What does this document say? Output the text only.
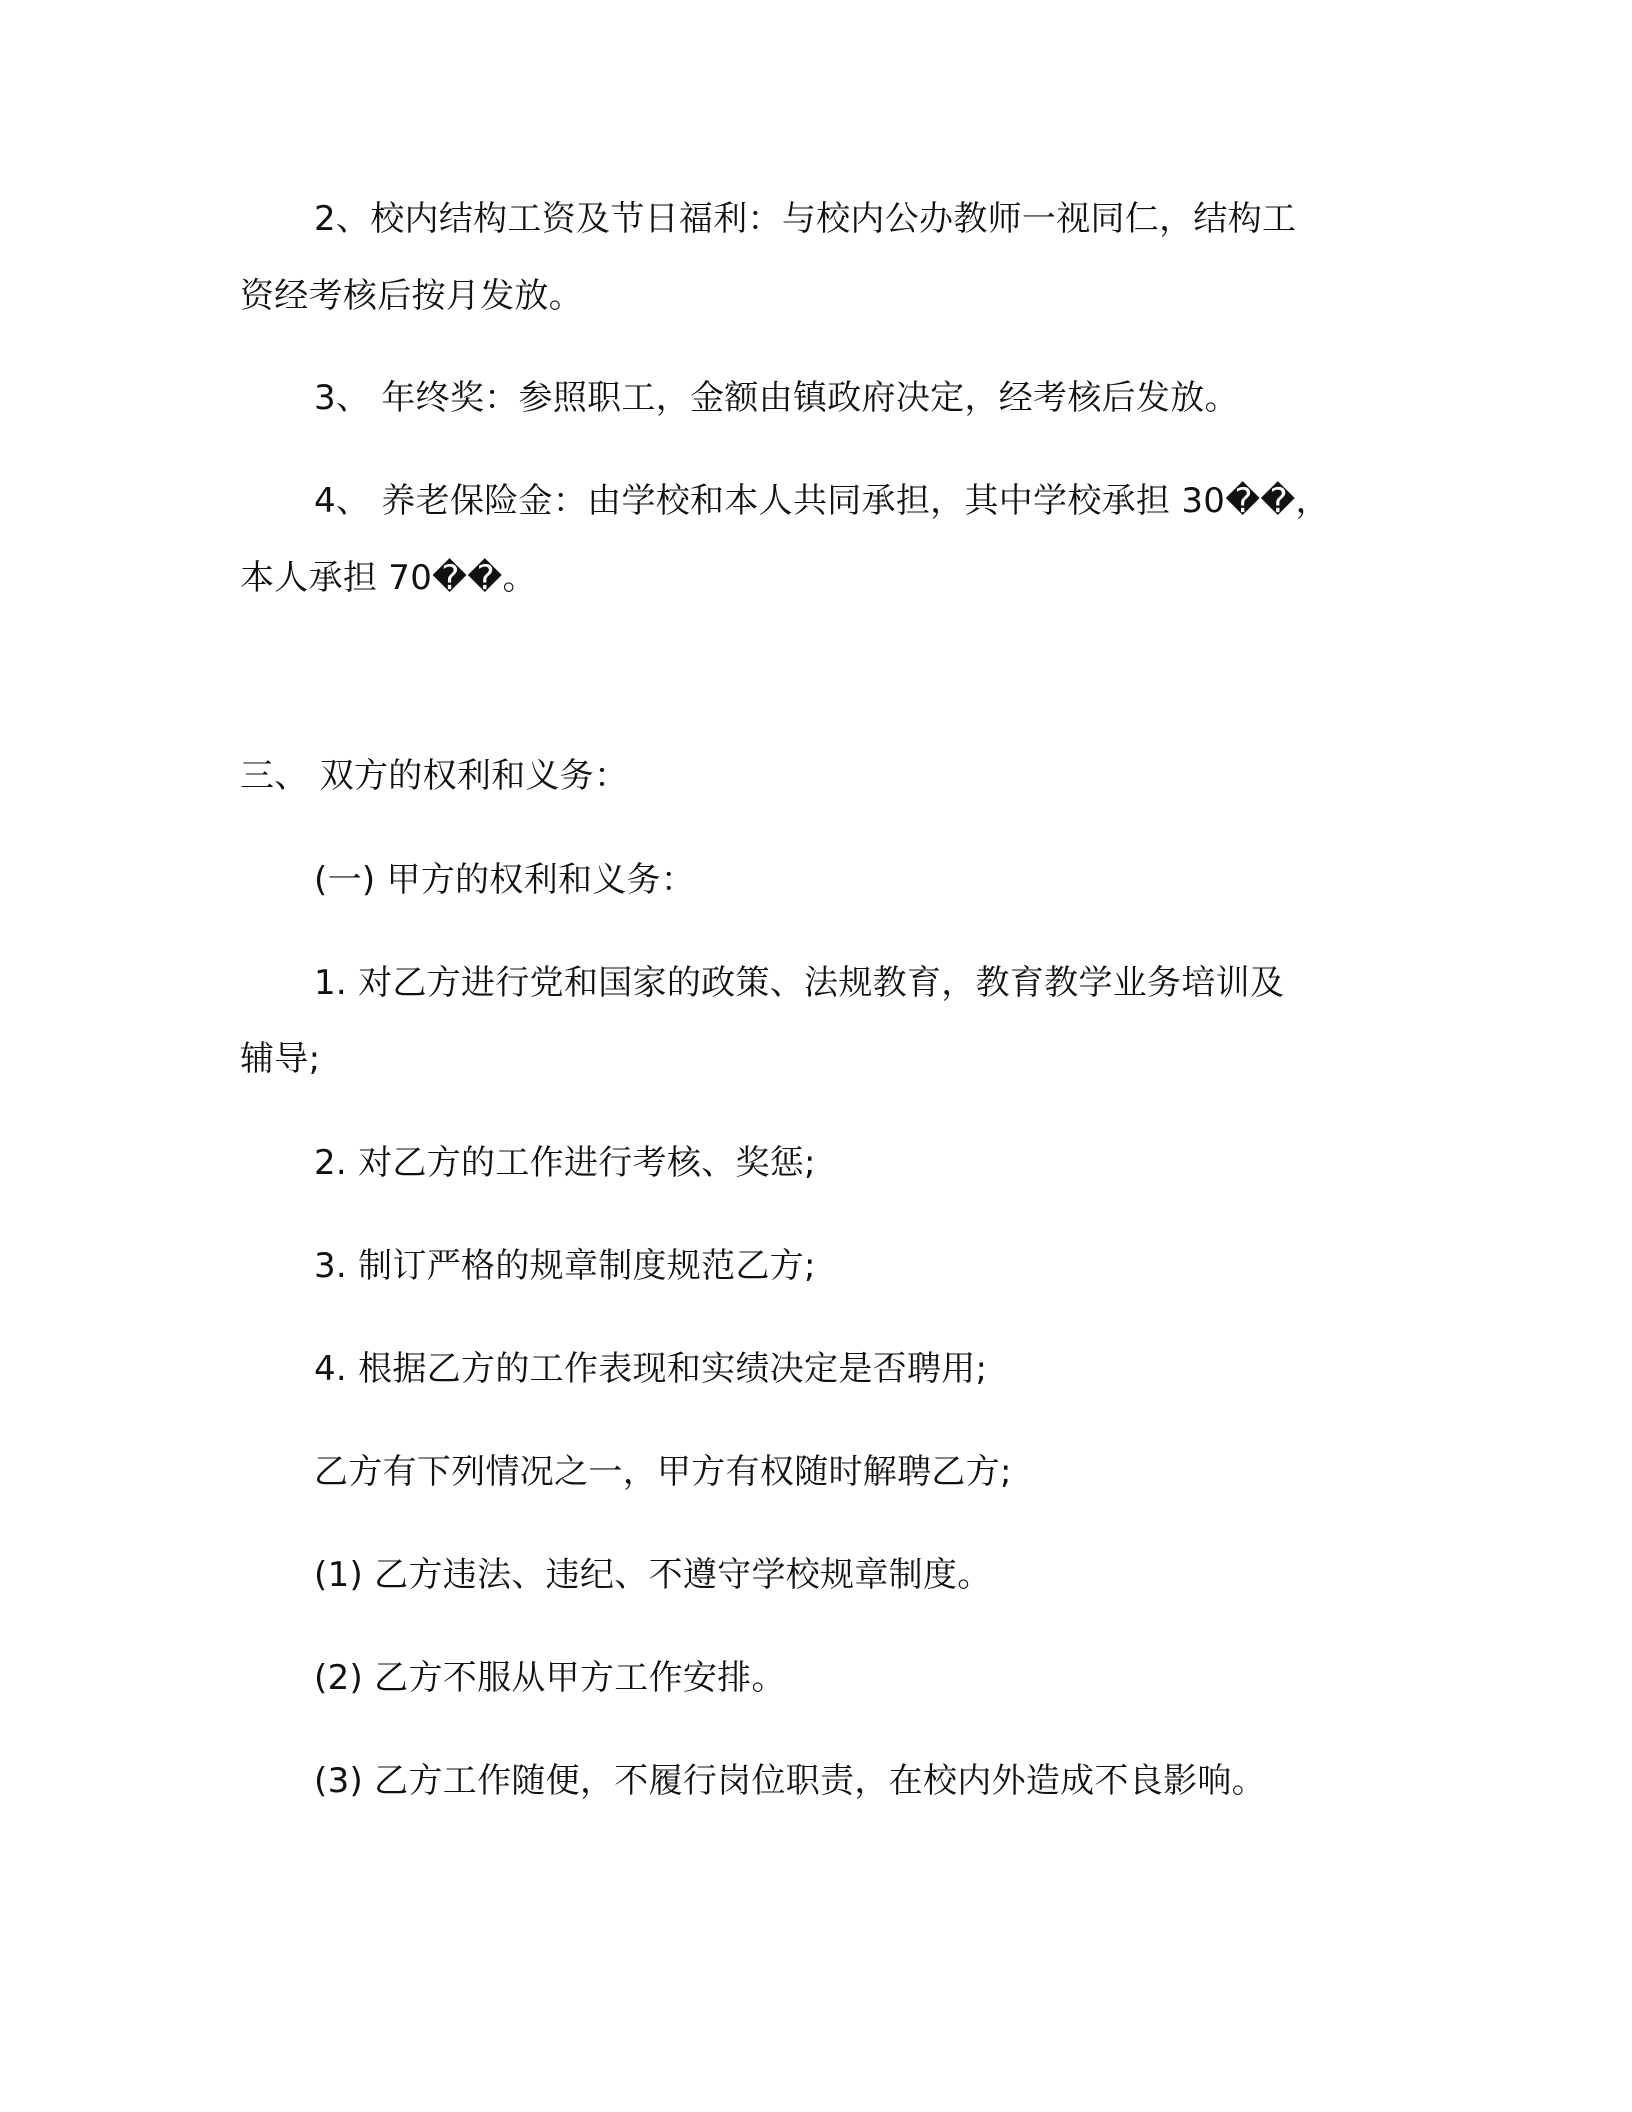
2、校内结构工资及节日福利：与校内公办教师一视同仁，结构工
资经考核后按月发放。
3、 年终奖：参照职工，金额由镇政府决定，经考核后发放。
4、 养老保险金：由学校和本人共同承担，其中学校承担 30��，
本人承担 70��。
三、 双方的权利和义务：
(一) 甲方的权利和义务：
1. 对乙方进行党和国家的政策、法规教育，教育教学业务培训及
辅导;
2. 对乙方的工作进行考核、奖惩;
3. 制订严格的规章制度规范乙方;
4. 根据乙方的工作表现和实绩决定是否聘用;
乙方有下列情况之一，甲方有权随时解聘乙方;
(1) 乙方违法、违纪、不遵守学校规章制度。
(2) 乙方不服从甲方工作安排。
(3) 乙方工作随便，不履行岗位职责，在校内外造成不良影响。
